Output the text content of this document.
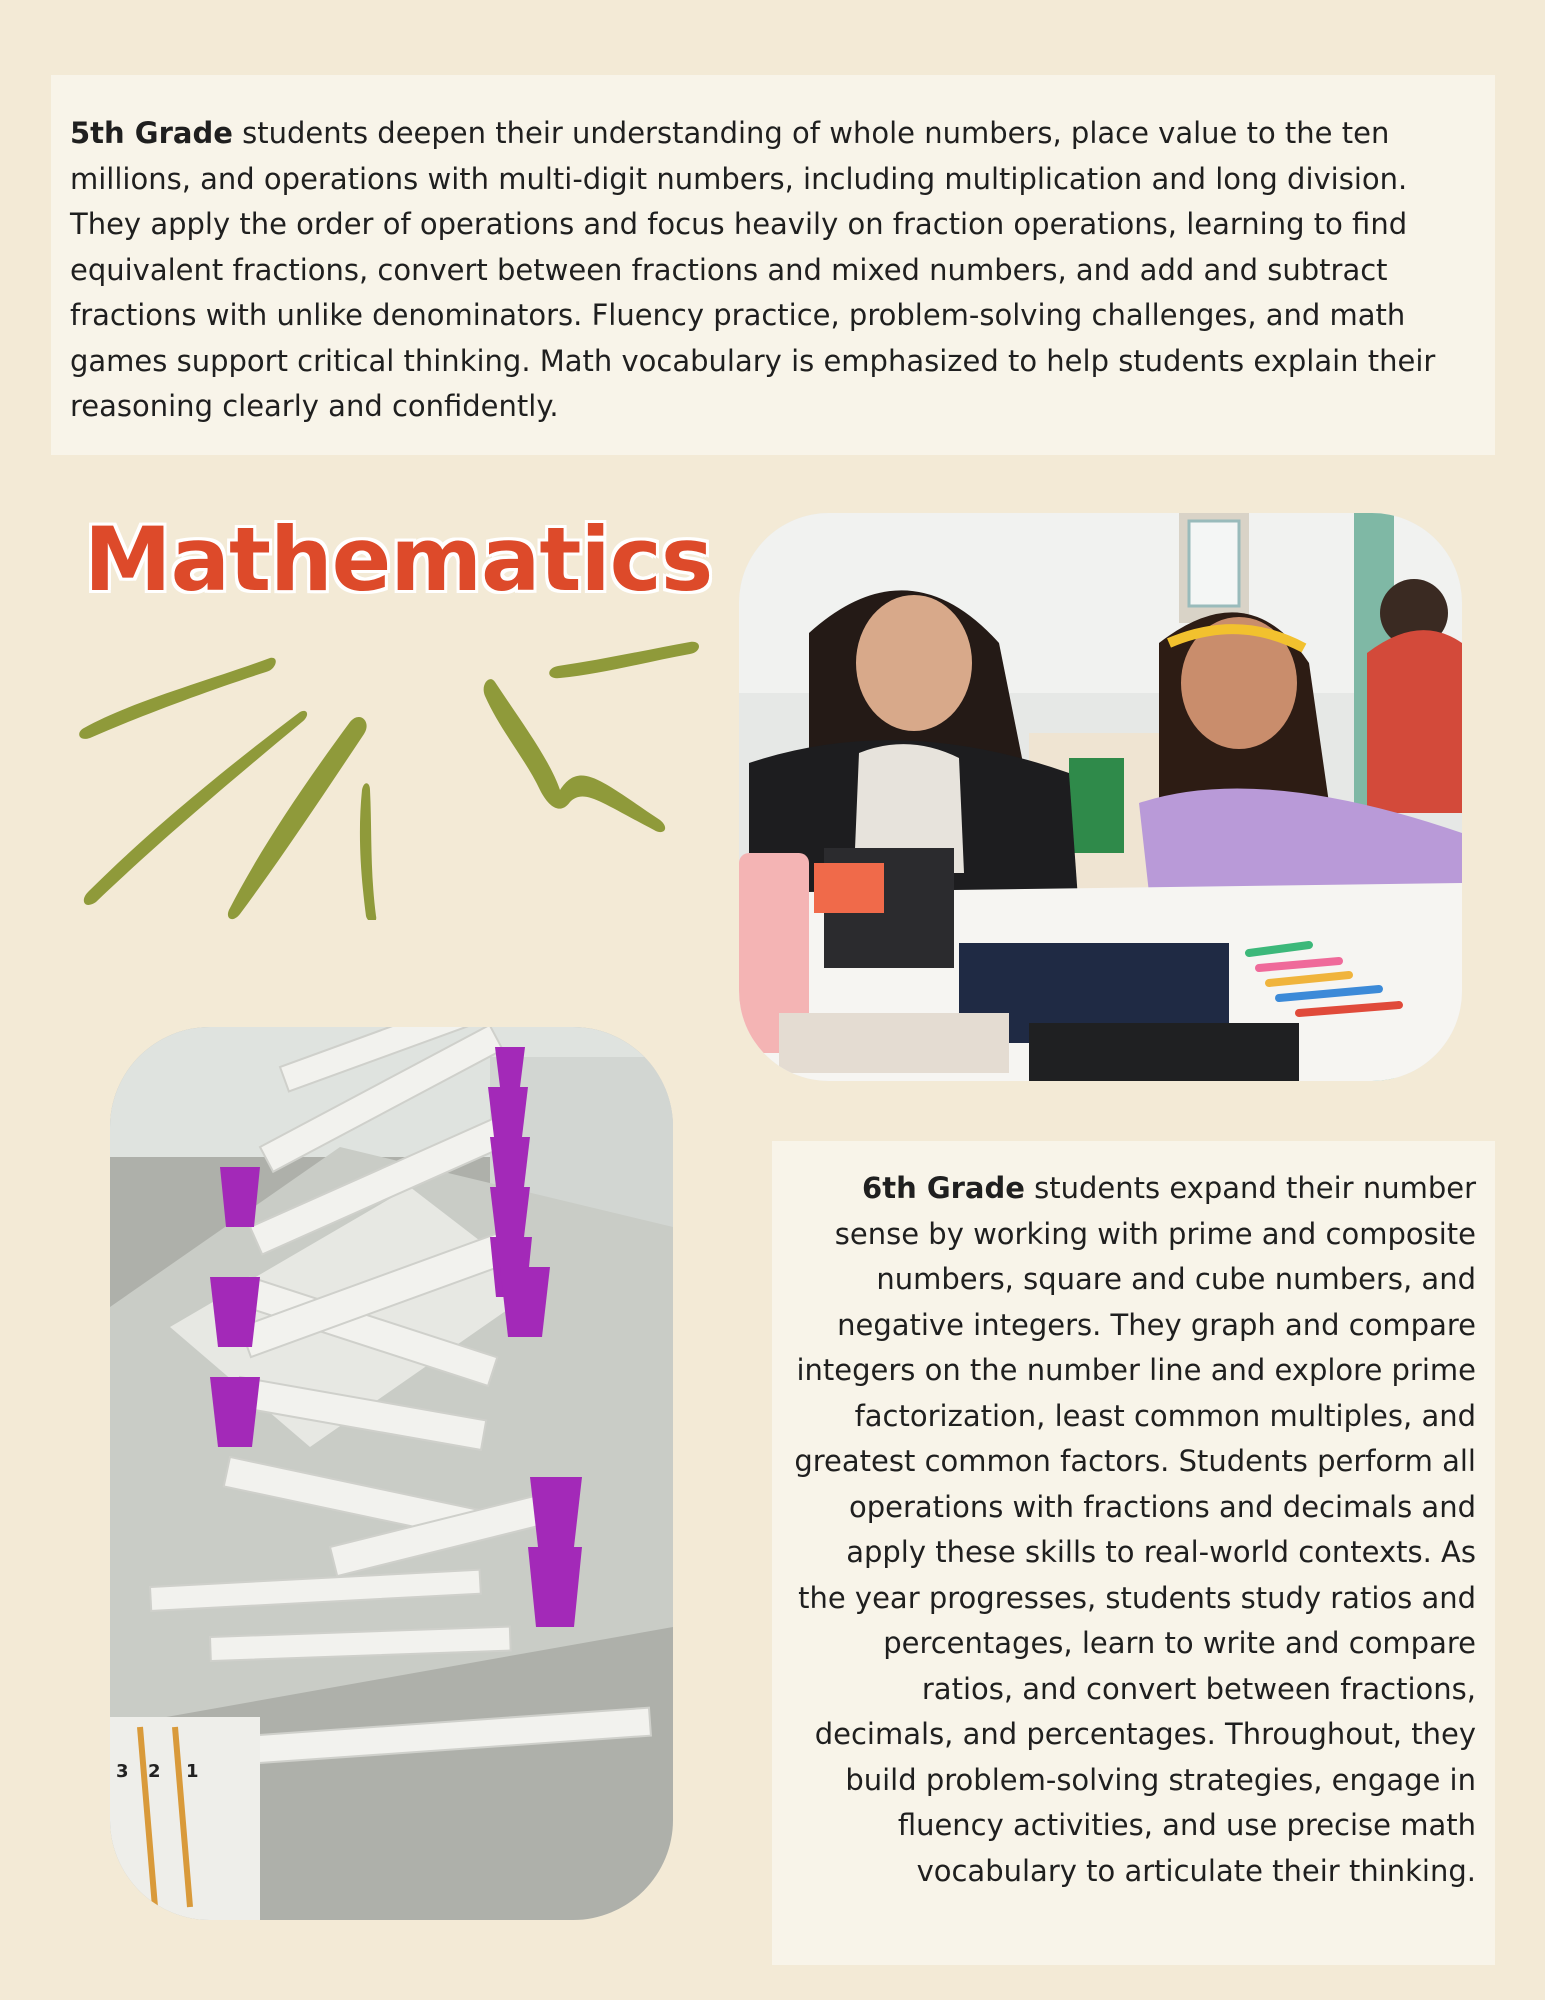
5th Grade students deepen their understanding of whole numbers, place value to the ten millions, and operations with multi-digit numbers, including multiplication and long division. They apply the order of operations and focus heavily on fraction operations, learning to find equivalent fractions, convert between fractions and mixed numbers, and add and subtract fractions with unlike denominators. Fluency practice, problem-solving challenges, and math games support critical thinking. Math vocabulary is emphasized to help students explain their reasoning clearly and confidently.
Mathematics
3 2 1
6th Grade students expand their number sense by working with prime and composite numbers, square and cube numbers, and negative integers. They graph and compare integers on the number line and explore prime factorization, least common multiples, and greatest common factors. Students perform all operations with fractions and decimals and apply these skills to real-world contexts. As the year progresses, students study ratios and percentages, learn to write and compare ratios, and convert between fractions, decimals, and percentages. Throughout, they build problem-solving strategies, engage in fluency activities, and use precise math vocabulary to articulate their thinking.
